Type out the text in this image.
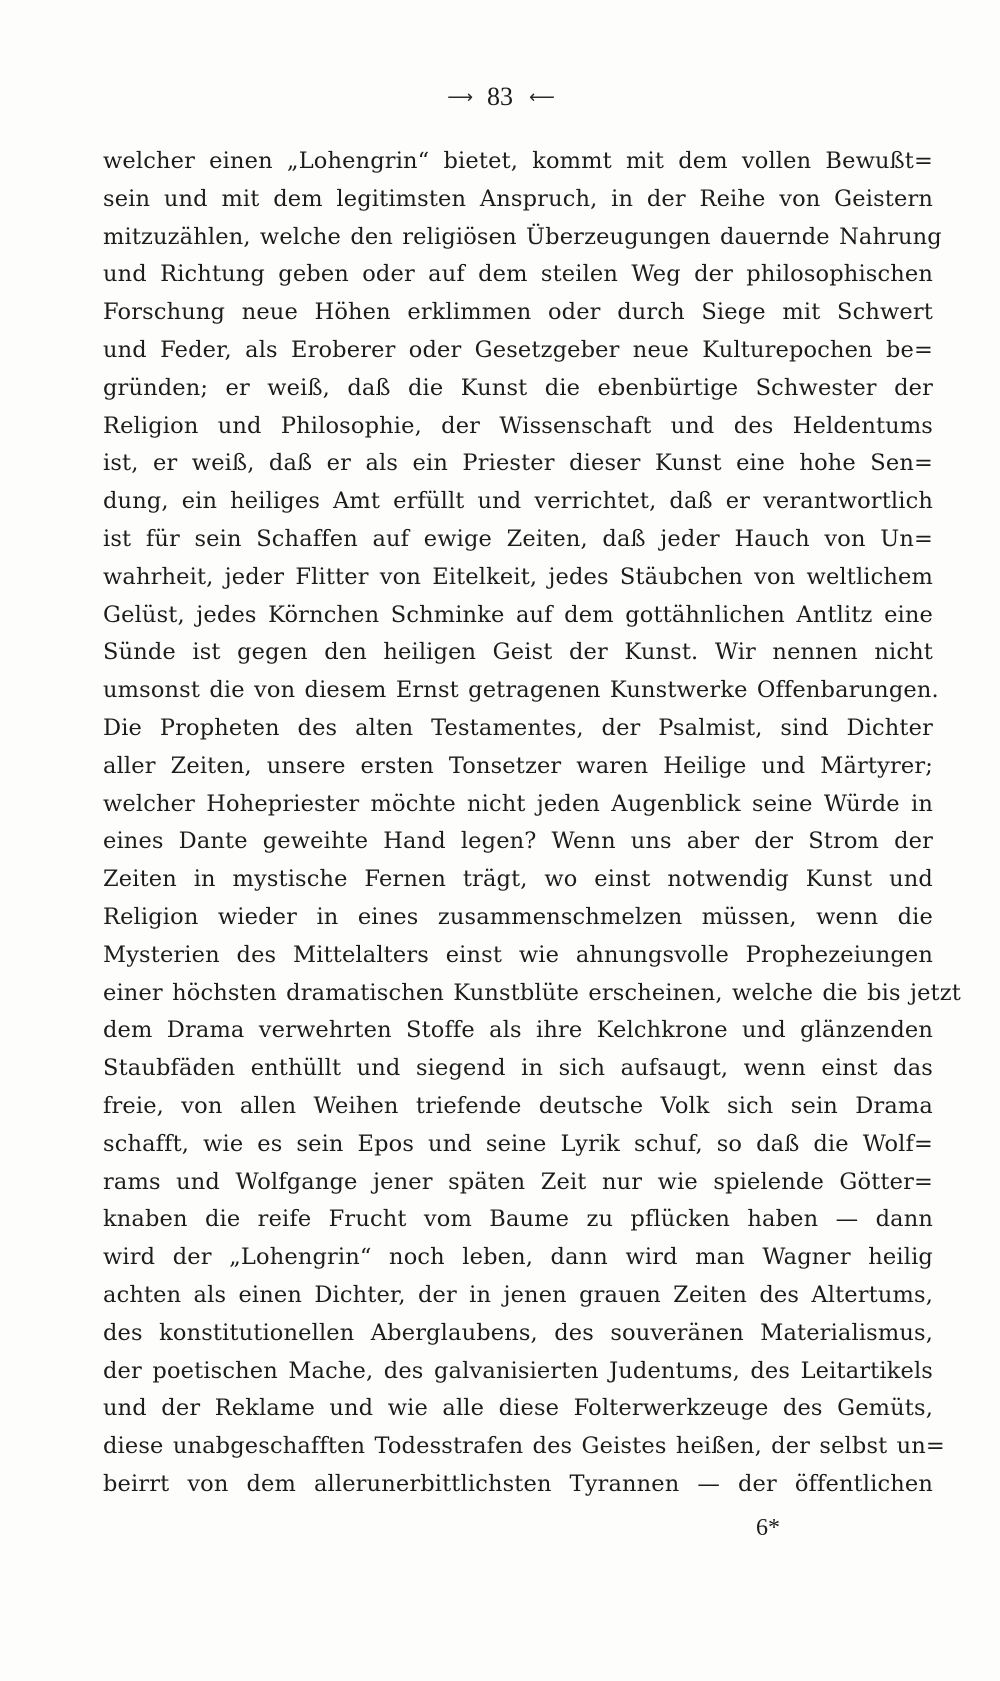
⟶ 83 ⟵
welcher einen „Lohengrin“ bietet, kommt mit dem vollen Bewußt=
sein und mit dem legitimsten Anspruch, in der Reihe von Geistern
mitzuzählen, welche den religiösen Überzeugungen dauernde Nahrung
und Richtung geben oder auf dem steilen Weg der philosophischen
Forschung neue Höhen erklimmen oder durch Siege mit Schwert
und Feder, als Eroberer oder Gesetzgeber neue Kulturepochen be=
gründen; er weiß, daß die Kunst die ebenbürtige Schwester der
Religion und Philosophie, der Wissenschaft und des Heldentums
ist, er weiß, daß er als ein Priester dieser Kunst eine hohe Sen=
dung, ein heiliges Amt erfüllt und verrichtet, daß er verantwortlich
ist für sein Schaffen auf ewige Zeiten, daß jeder Hauch von Un=
wahrheit, jeder Flitter von Eitelkeit, jedes Stäubchen von weltlichem
Gelüst, jedes Körnchen Schminke auf dem gottähnlichen Antlitz eine
Sünde ist gegen den heiligen Geist der Kunst. Wir nennen nicht
umsonst die von diesem Ernst getragenen Kunstwerke Offenbarungen.
Die Propheten des alten Testamentes, der Psalmist, sind Dichter
aller Zeiten, unsere ersten Tonsetzer waren Heilige und Märtyrer;
welcher Hohepriester möchte nicht jeden Augenblick seine Würde in
eines Dante geweihte Hand legen? Wenn uns aber der Strom der
Zeiten in mystische Fernen trägt, wo einst notwendig Kunst und
Religion wieder in eines zusammenschmelzen müssen, wenn die
Mysterien des Mittelalters einst wie ahnungsvolle Prophezeiungen
einer höchsten dramatischen Kunstblüte erscheinen, welche die bis jetzt
dem Drama verwehrten Stoffe als ihre Kelchkrone und glänzenden
Staubfäden enthüllt und siegend in sich aufsaugt, wenn einst das
freie, von allen Weihen triefende deutsche Volk sich sein Drama
schafft, wie es sein Epos und seine Lyrik schuf, so daß die Wolf=
rams und Wolfgange jener späten Zeit nur wie spielende Götter=
knaben die reife Frucht vom Baume zu pflücken haben — dann
wird der „Lohengrin“ noch leben, dann wird man Wagner heilig
achten als einen Dichter, der in jenen grauen Zeiten des Altertums,
des konstitutionellen Aberglaubens, des souveränen Materialismus,
der poetischen Mache, des galvanisierten Judentums, des Leitartikels
und der Reklame und wie alle diese Folterwerkzeuge des Gemüts,
diese unabgeschafften Todesstrafen des Geistes heißen, der selbst un=
beirrt von dem allerunerbittlichsten Tyrannen — der öffentlichen
6*
